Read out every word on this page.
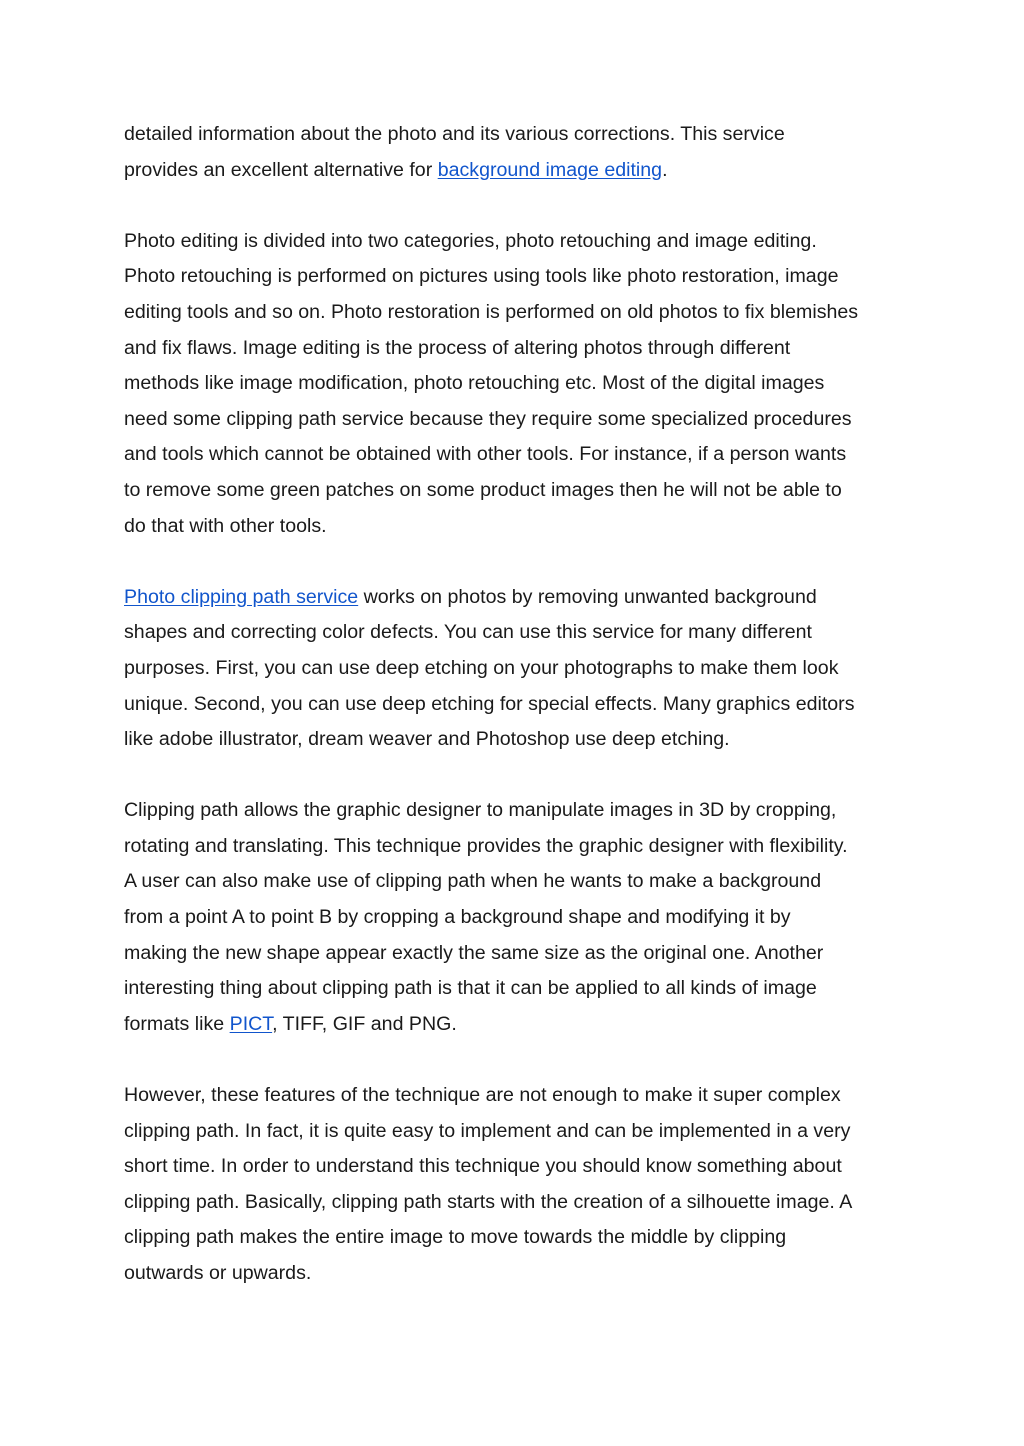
detailed information about the photo and its various corrections. This service
provides an excellent alternative for background image editing.

Photo editing is divided into two categories, photo retouching and image editing.
Photo retouching is performed on pictures using tools like photo restoration, image
editing tools and so on. Photo restoration is performed on old photos to fix blemishes
and fix flaws. Image editing is the process of altering photos through different
methods like image modification, photo retouching etc. Most of the digital images
need some clipping path service because they require some specialized procedures
and tools which cannot be obtained with other tools. For instance, if a person wants
to remove some green patches on some product images then he will not be able to
do that with other tools.

Photo clipping path service works on photos by removing unwanted background
shapes and correcting color defects. You can use this service for many different
purposes. First, you can use deep etching on your photographs to make them look
unique. Second, you can use deep etching for special effects. Many graphics editors
like adobe illustrator, dream weaver and Photoshop use deep etching.

Clipping path allows the graphic designer to manipulate images in 3D by cropping,
rotating and translating. This technique provides the graphic designer with flexibility.
A user can also make use of clipping path when he wants to make a background
from a point A to point B by cropping a background shape and modifying it by
making the new shape appear exactly the same size as the original one. Another
interesting thing about clipping path is that it can be applied to all kinds of image
formats like PICT, TIFF, GIF and PNG.

However, these features of the technique are not enough to make it super complex
clipping path. In fact, it is quite easy to implement and can be implemented in a very
short time. In order to understand this technique you should know something about
clipping path. Basically, clipping path starts with the creation of a silhouette image. A
clipping path makes the entire image to move towards the middle by clipping
outwards or upwards.
